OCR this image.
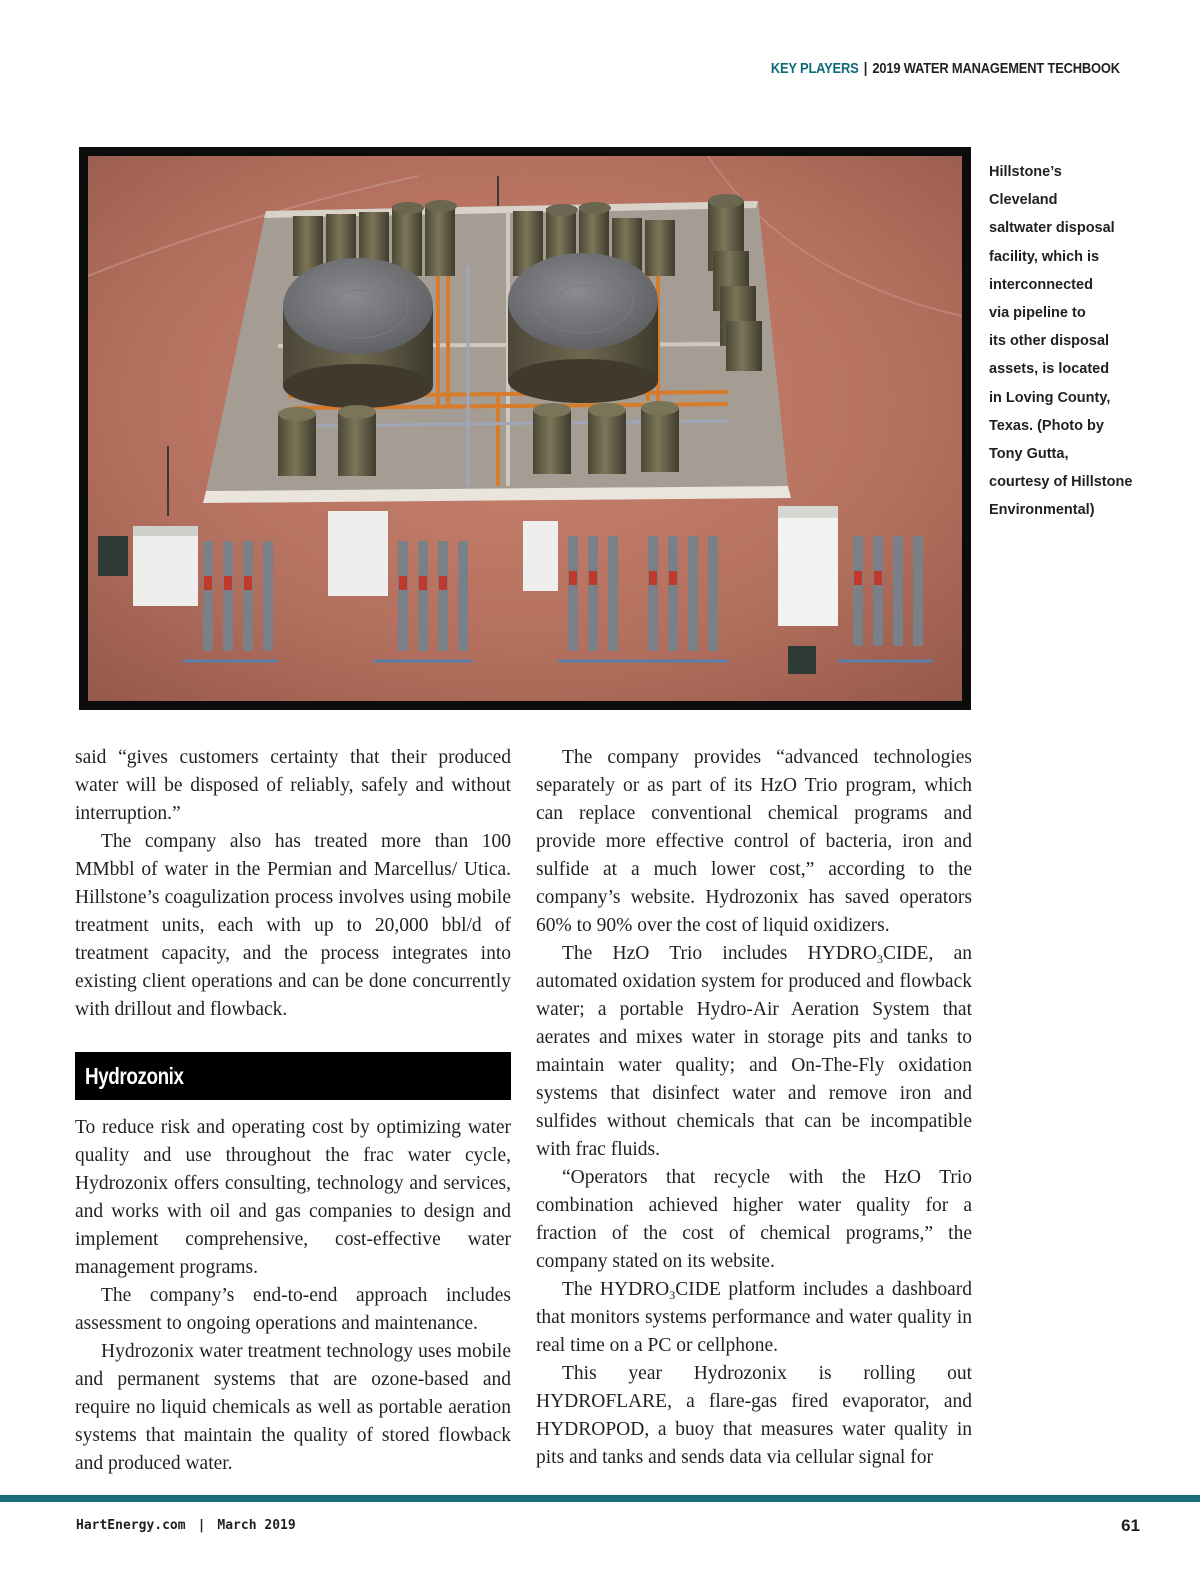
KEY PLAYERS | 2019 WATER MANAGEMENT TECHBOOK
Hillstone’s
Cleveland
saltwater disposal
facility, which is
interconnected
via pipeline to
its other disposal
assets, is located
in Loving County,
Texas. (Photo by
Tony Gutta,
courtesy of Hillstone
Environmental)

said “gives customers certainty that their produced water will be disposed of reliably, safely and without interruption.”

The company also has treated more than 100 MMbbl of water in the Permian and Marcellus/ Utica. Hillstone’s coagulization process involves using mobile treatment units, each with up to 20,000 bbl/d of treatment capacity, and the process integrates into existing client operations and can be done concurrently with drillout and flowback.

Hydrozonix

To reduce risk and operating cost by optimizing water quality and use throughout the frac water cycle, Hydrozonix offers consulting, technology and services, and works with oil and gas companies to design and implement comprehensive, cost-effective water management programs.

The company’s end-to-end approach includes assessment to ongoing operations and maintenance.

Hydrozonix water treatment technology uses mobile and permanent systems that are ozone-based and require no liquid chemicals as well as portable aeration systems that maintain the quality of stored flowback and produced water.

The company provides “advanced technologies separately or as part of its HzO Trio program, which can replace conventional chemical programs and provide more effective control of bacteria, iron and sulfide at a much lower cost,” according to the company’s website. Hydrozonix has saved operators 60% to 90% over the cost of liquid oxidizers.

The HzO Trio includes $HYDRO_3CIDE$, an automated oxidation system for produced and flowback water; a portable Hydro-Air Aeration System that aerates and mixes water in storage pits and tanks to maintain water quality; and On-The-Fly oxidation systems that disinfect water and remove iron and sulfides without chemicals that can be incompatible with frac fluids.

“Operators that recycle with the HzO Trio combination achieved higher water quality for a fraction of the cost of chemical programs,” the company stated on its website.

The $HYDRO_3CIDE$ platform includes a dashboard that monitors systems performance and water quality in real time on a PC or cellphone.

This year Hydrozonix is rolling out HYDROFLARE, a flare-gas fired evaporator, and HYDROPOD, a buoy that measures water quality in pits and tanks and sends data via cellular signal for

HartEnergy.com | March 2019	61
